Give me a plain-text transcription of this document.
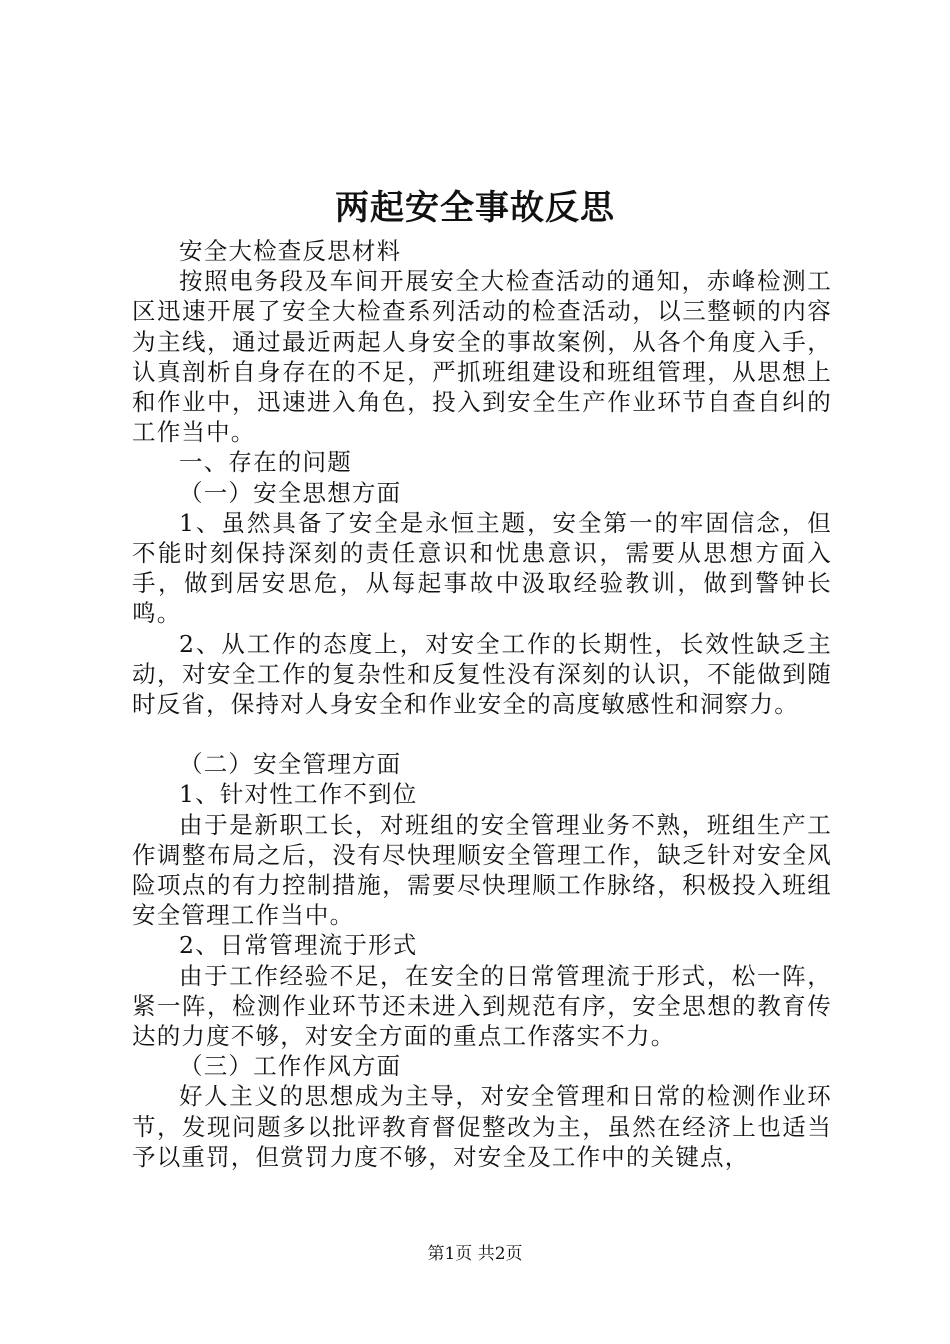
两起安全事故反思

安全大检查反思材料

按照电务段及车间开展安全大检查活动的通知，赤峰检测工区迅速开展了安全大检查系列活动的检查活动，以三整顿的内容为主线，通过最近两起人身安全的事故案例，从各个角度入手，认真剖析自身存在的不足，严抓班组建设和班组管理，从思想上和作业中，迅速进入角色，投入到安全生产作业环节自查自纠的工作当中。

一、存在的问题

（一）安全思想方面

1、虽然具备了安全是永恒主题，安全第一的牢固信念，但不能时刻保持深刻的责任意识和忧患意识，需要从思想方面入手，做到居安思危，从每起事故中汲取经验教训，做到警钟长鸣。

2、从工作的态度上，对安全工作的长期性，长效性缺乏主动，对安全工作的复杂性和反复性没有深刻的认识，不能做到随时反省，保持对人身安全和作业安全的高度敏感性和洞察力。

（二）安全管理方面

1、针对性工作不到位

由于是新职工长，对班组的安全管理业务不熟，班组生产工作调整布局之后，没有尽快理顺安全管理工作，缺乏针对安全风险项点的有力控制措施，需要尽快理顺工作脉络，积极投入班组安全管理工作当中。

2、日常管理流于形式

由于工作经验不足，在安全的日常管理流于形式，松一阵，紧一阵，检测作业环节还未进入到规范有序，安全思想的教育传达的力度不够，对安全方面的重点工作落实不力。

（三）工作作风方面

好人主义的思想成为主导，对安全管理和日常的检测作业环节，发现问题多以批评教育督促整改为主，虽然在经济上也适当予以重罚，但赏罚力度不够，对安全及工作中的关键点，

第1页 共2页
